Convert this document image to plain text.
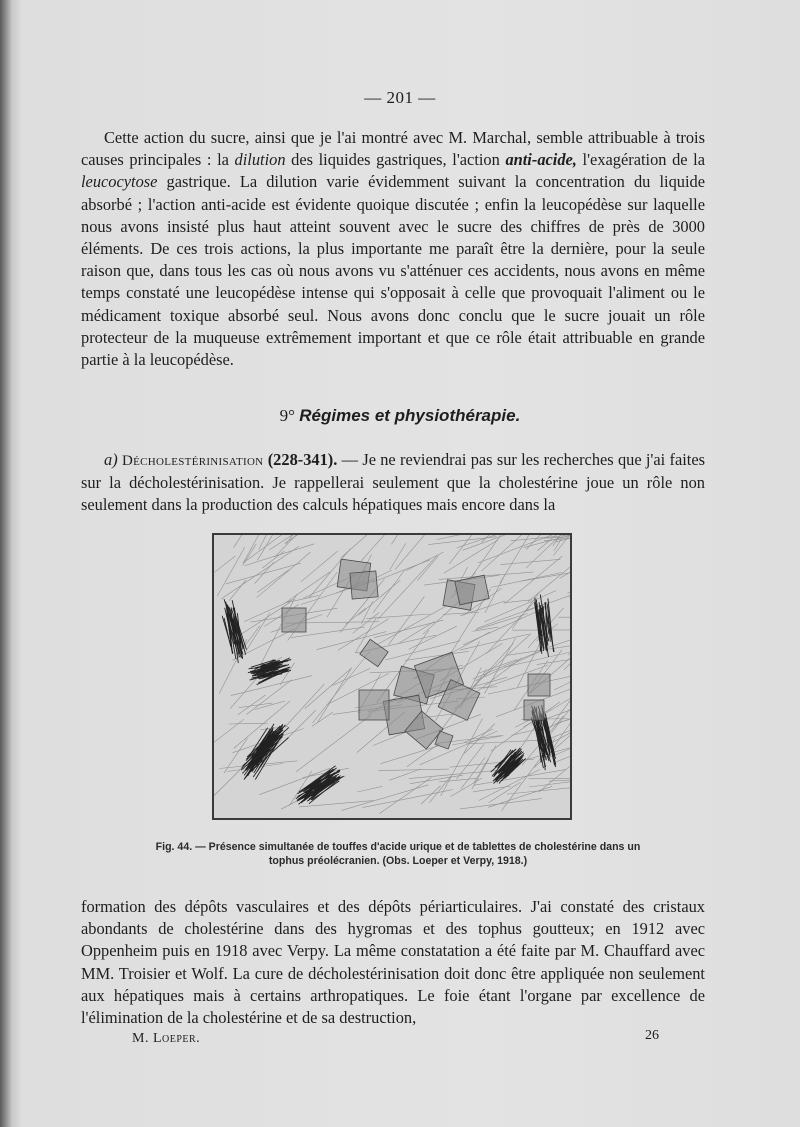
— 201 —

Cette action du sucre, ainsi que je l'ai montré avec M. Marchal, semble attribuable à trois causes principales : la dilution des liquides gastriques, l'action anti-acide, l'exagération de la leucocytose gastrique. La dilution varie évidemment suivant la concentration du liquide absorbé ; l'action anti-acide est évidente quoique discutée ; enfin la leucopédèse sur laquelle nous avons insisté plus haut atteint souvent avec le sucre des chiffres de près de 3000 éléments. De ces trois actions, la plus importante me paraît être la dernière, pour la seule raison que, dans tous les cas où nous avons vu s'atténuer ces accidents, nous avons en même temps constaté une leucopédèse intense qui s'opposait à celle que provoquait l'aliment ou le médicament toxique absorbé seul. Nous avons donc conclu que le sucre jouait un rôle protecteur de la muqueuse extrêmement important et que ce rôle était attribuable en grande partie à la leucopédèse.

9° Régimes et physiothérapie.

a) Décholestérinisation (228-341). — Je ne reviendrai pas sur les recherches que j'ai faites sur la décholestérinisation. Je rappellerai seulement que la cholestérine joue un rôle non seulement dans la production des calculs hépatiques mais encore dans la

Fig. 44. — Présence simultanée de touffes d'acide urique et de tablettes de cholestérine dans un
tophus préolécranien. (Obs. Loeper et Verpy, 1918.)

formation des dépôts vasculaires et des dépôts périarticulaires. J'ai constaté des cristaux abondants de cholestérine dans des hygromas et des tophus goutteux; en 1912 avec Oppenheim puis en 1918 avec Verpy. La même constatation a été faite par M. Chauffard avec MM. Troisier et Wolf. La cure de décholestérinisation doit donc être appliquée non seulement aux hépatiques mais à certains arthropatiques. Le foie étant l'organe par excellence de l'élimination de la cholestérine et de sa destruction,

M. Loeper.	26
